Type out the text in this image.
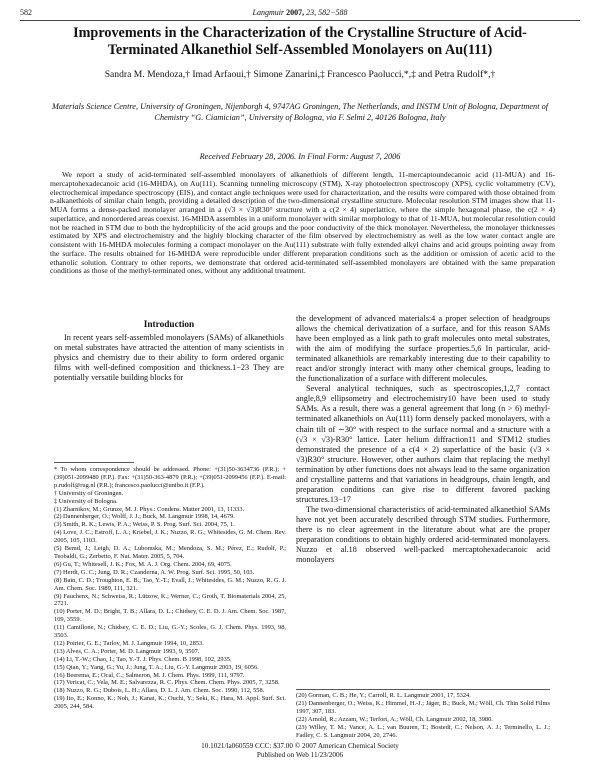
582	Langmuir 2007, 23, 582−588
Improvements in the Characterization of the Crystalline Structure of Acid-Terminated Alkanethiol Self-Assembled Monolayers on Au(111)
Sandra M. Mendoza,† Imad Arfaoui,† Simone Zanarini,‡ Francesco Paolucci,*,‡ and Petra Rudolf*,†
Materials Science Centre, University of Groningen, Nijenborgh 4, 9747AG Groningen, The Netherlands, and INSTM Unit of Bologna, Department of Chemistry “G. Ciamician”, University of Bologna, via F. Selmi 2, 40126 Bologna, Italy
Received February 28, 2006. In Final Form: August 7, 2006
We report a study of acid-terminated self-assembled monolayers of alkanethiols of different length, 11-mercaptoundecanoic acid (11-MUA) and 16-mercaptohexadecanoic acid (16-MHDA), on Au(111). Scanning tunneling microscopy (STM), X-ray photoelectron spectroscopy (XPS), cyclic voltammetry (CV), electrochemical impedance spectroscopy (EIS), and contact angle techniques were used for characterization, and the results were compared with those obtained from n-alkanethiols of similar chain length, providing a detailed description of the two-dimensional crystalline structure. Molecular resolution STM images show that 11-MUA forms a dense-packed monolayer arranged in a (√3 × √3)R30° structure with a c(2 × 4) superlattice, where the simple hexagonal phase, the c(2 × 4) superlattice, and nonordered areas coexist. 16-MHDA assembles in a uniform monolayer with similar morphology to that of 11-MUA, but molecular resolution could not be reached in STM due to both the hydrophilicity of the acid groups and the poor conductivity of the thick monolayer. Nevertheless, the monolayer thicknesses estimated by XPS and electrochemistry and the highly blocking character of the film observed by electrochemistry as well as the low water contact angle are consistent with 16-MHDA molecules forming a compact monolayer on the Au(111) substrate with fully extended alkyl chains and acid groups pointing away from the surface. The results obtained for 16-MHDA were reproducible under different preparation conditions such as the addition or omission of acetic acid to the ethanolic solution. Contrary to other reports, we demonstrate that ordered acid-terminated self-assembled monolayers are obtained with the same preparation conditions as those of the methyl-terminated ones, without any additional treatment.
Introduction

In recent years self-assembled monolayers (SAMs) of alkanethiols on metal substrates have attracted the attention of many scientists in physics and chemistry due to their ability to form ordered organic films with well-defined composition and thickness.1−23 They are potentially versatile building blocks for

* To whom correspondence should be addressed. Phone: +(31)50-3634736 (P.R.); +(39)051-2099480 (F.P.). Fax: +(31)50-363-4879 (P.R.); +(39)051-2099456 (F.P.). E-mail: p.rudolf@rug.nl (P.R.); francesco.paolucci@unibo.it (F.P.).
† University of Groningen.
‡ University of Bologna.
(1) Zharnikov, M.; Grunze, M. J. Phys.: Condens. Matter 2001, 13, 11333.
(2) Dannenberger, O.; Wolff, J. J.; Buck, M. Langmuir 1998, 14, 4679.
(3) Smith, R. K.; Lewis, P. A.; Weiss, P. S. Prog. Surf. Sci. 2004, 75, 1.
(4) Love, J. C.; Estroff, L. A.; Kriebel, J. K.; Nuzzo, R. G.; Whitesides, G. M. Chem. Rev. 2005, 105, 1103.
(5) Bemd, J.; Leigh, D. A.; Lubomska, M.; Mendoza, S. M.; Pérez, E.; Rudolf, P.; Teobaldi, G.; Zerbetto, F. Nat. Mater. 2005, 5, 704.
(6) Gu, T.; Whitesell, J. K.; Fox, M. A. J. Org. Chem. 2004, 69, 4075.
(7) Herdt, G. C.; Jung, D. R.; Czanderna, A. W. Prog. Surf. Sci. 1995, 50, 103.
(8) Bain, C. D.; Troughton, E. B.; Tao, Y.-T.; Evall, J.; Whitesides, G. M.; Nuzzo, R. G. J. Am. Chem. Soc. 1989, 111, 321.
(9) Fauchenx, N.; Schweiss, R.; Lützow, K.; Werner, C.; Groth, T. Biomaterials 2004, 25, 2721.
(10) Porter, M. D.; Bright, T. B.; Allara, D. L.; Chidsey, C. E. D. J. Am. Chem. Soc. 1987, 109, 3559.
(11) Camillone, N.; Chidsey, C. E. D.; Liu, G.-Y.; Scoles, G. J. Chem. Phys. 1993, 98, 3503.
(12) Poirier, G. E.; Tarlov, M. J. Langmuir 1994, 10, 2853.
(13) Alves, C. A.; Porter, M. D. Langmuir 1993, 9, 3507.
(14) Li, T.-W.; Chao, I.; Tao, Y.-T. J. Phys. Chem. B 1998, 102, 2935.
(15) Qian, Y.; Yang, G.; Yu, J.; Jung, T. A.; Liu, G.-Y. Langmuir 2003, 19, 6056.
(16) Beerema, E.; Ocal, C.; Salmeron, M. J. Chem. Phys. 1999, 111, 9797.
(17) Vericat, C.; Vela, M. E.; Salvarezza, R. C. Phys. Chem. Chem. Phys. 2005, 7, 3258.
(18) Nuzzo, R. G.; Dubois, L. H.; Allara, D. L. J. Am. Chem. Soc. 1990, 112, 558.
(19) Ito, E.; Konno, K.; Noh, J.; Kanai, K.; Ouchi, Y.; Seki, K.; Hara, M. Appl. Surf. Sci. 2005, 244, 584.

the development of advanced materials:4 a proper selection of headgroups allows the chemical derivatization of a surface, and for this reason SAMs have been employed as a link path to graft molecules onto metal substrates, with the aim of modifying the surface properties.5,6 In particular, acid-terminated alkanethiols are remarkably interesting due to their capability to react and/or strongly interact with many other chemical groups, leading to the functionalization of a surface with different molecules.

Several analytical techniques, such as spectroscopies,1,2,7 contact angle,8,9 ellipsometry and electrochemistry10 have been used to study SAMs. As a result, there was a general agreement that long (n > 6) methyl-terminated alkanethiols on Au(111) form densely packed monolayers, with a chain tilt of ∼30° with respect to the surface normal and a structure with a (√3 × √3)-R30° lattice. Later helium diffraction11 and STM12 studies demonstrated the presence of a c(4 × 2) superlattice of the basic (√3 × √3)R30° structure. However, other authors claim that replacing the methyl termination by other functions does not always lead to the same organization and crystalline patterns and that variations in headgroups, chain length, and preparation conditions can give rise to different favored packing structures.13−17

The two-dimensional characteristics of acid-terminated alkanethiol SAMs have not yet been accurately described through STM studies. Furthermore, there is no clear agreement in the literature about what are the proper preparation conditions to obtain highly ordered acid-terminated monolayers. Nuzzo et al.18 observed well-packed mercaptohexadecanoic acid monolayers

(20) Gorman, C. B.; He, Y.; Carroll, R. L. Langmuir 2001, 17, 5324.
(21) Dannenberger, O.; Weiss, K.; Himmel, H.-J.; Jäger, B.; Buck, M.; Wöll, Ch. Thin Solid Films 1997, 307, 183.
(22) Arnold, R.; Azzam, W.; Terfort, A.; Wöll, Ch. Langmuir 2002, 18, 3980.
(23) Willey, T. M.; Vance, A. L.; van Buuren, T.; Bostedt, C.; Nelson, A. J.; Terminello, L. J.; Fadley, C. S. Langmuir 2004, 20, 2746.
10.1021/la060559 CCC: $37.00 © 2007 American Chemical Society
Published on Web 11/23/2006
